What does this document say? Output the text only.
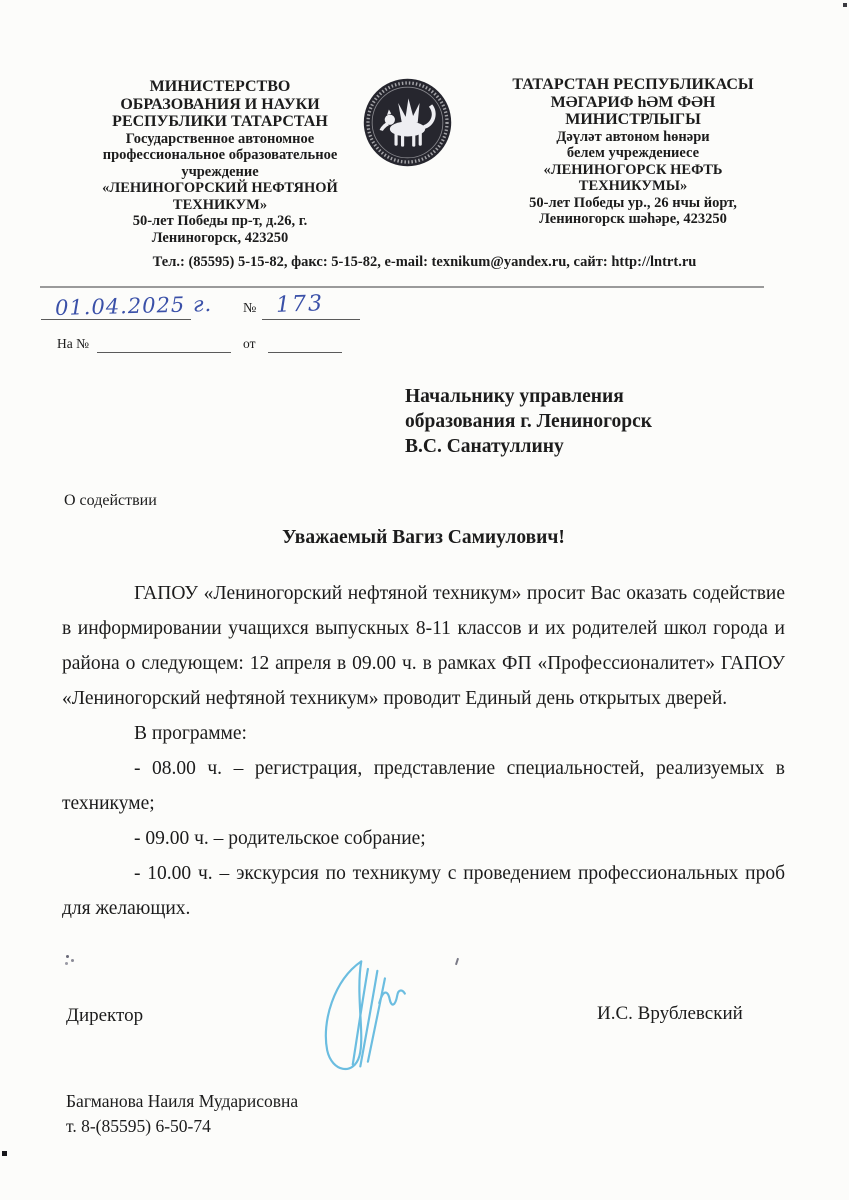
МИНИСТЕРСТВО
ОБРАЗОВАНИЯ И НАУКИ
РЕСПУБЛИКИ ТАТАРСТАН
Государственное автономное
профессиональное образовательное
учреждение
«ЛЕНИНОГОРСКИЙ НЕФТЯНОЙ
ТЕХНИКУМ»
50-лет Победы пр-т, д.26, г.
Лениногорск, 423250
ТАТАРСТАН РЕСПУБЛИКАСЫ
МӘГАРИФ hӘМ ФӘН
МИНИСТРЛЫГЫ
Дәүләт автоном hөнәри
белем учреждениесе
«ЛЕНИНОГОРСК НЕФТЬ
ТЕХНИКУМЫ»
50-лет Победы ур., 26 нчы йорт,
Лениногорск шәhәре, 423250
Тел.: (85595) 5-15-82, факс: 5-15-82, e-mail: texnikum@yandex.ru, сайт: http://lntrt.ru
01.04.2025 г. № 173
На №	от
Начальнику управления
образования г. Лениногорск
В.С. Санатуллину
О содействии
Уважаемый Вагиз Самиулович!

ГАПОУ «Лениногорский нефтяной техникум» просит Вас оказать содействие в информировании учащихся выпускных 8-11 классов и их родителей школ города и района о следующем: 12 апреля в 09.00 ч. в рамках ФП «Профессионалитет» ГАПОУ «Лениногорский нефтяной техникум» проводит Единый день открытых дверей.

В программе:

- 08.00 ч. – регистрация, представление специальностей, реализуемых в техникуме;

- 09.00 ч. – родительское собрание;

- 10.00 ч. – экскурсия по техникуму с проведением профессиональных проб для желающих.

Директор	И.С. Врублевский
Багманова Наиля Мударисовна
т. 8-(85595) 6-50-74
